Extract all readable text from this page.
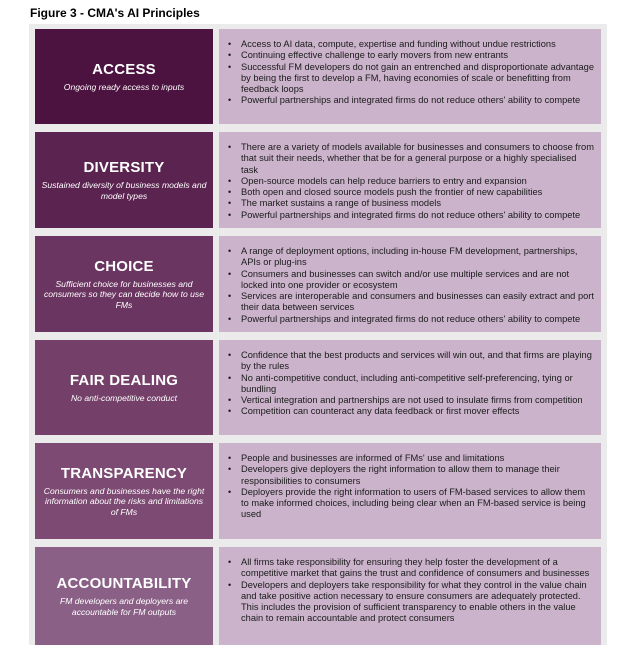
Figure 3 - CMA's AI Principles
ACCESS
Ongoing ready access to inputs
• Access to AI data, compute, expertise and funding without undue restrictions
• Continuing effective challenge to early movers from new entrants
• Successful FM developers do not gain an entrenched and disproportionate advantage by being the first to develop a FM, having economies of scale or benefitting from feedback loops
• Powerful partnerships and integrated firms do not reduce others' ability to compete
DIVERSITY
Sustained diversity of business models and model types
• There are a variety of models available for businesses and consumers to choose from that suit their needs, whether that be for a general purpose or a highly specialised task
• Open-source models can help reduce barriers to entry and expansion
• Both open and closed source models push the frontier of new capabilities
• The market sustains a range of business models
• Powerful partnerships and integrated firms do not reduce others' ability to compete
CHOICE
Sufficient choice for businesses and consumers so they can decide how to use FMs
• A range of deployment options, including in-house FM development, partnerships, APIs or plug-ins
• Consumers and businesses can switch and/or use multiple services and are not locked into one provider or ecosystem
• Services are interoperable and consumers and businesses can easily extract and port their data between services
• Powerful partnerships and integrated firms do not reduce others' ability to compete
FAIR DEALING
No anti-competitive conduct
• Confidence that the best products and services will win out, and that firms are playing by the rules
• No anti-competitive conduct, including anti-competitive self-preferencing, tying or bundling
• Vertical integration and partnerships are not used to insulate firms from competition
• Competition can counteract any data feedback or first mover effects
TRANSPARENCY
Consumers and businesses have the right information about the risks and limitations of FMs
• People and businesses are informed of FMs' use and limitations
• Developers give deployers the right information to allow them to manage their responsibilities to consumers
• Deployers provide the right information to users of FM-based services to allow them to make informed choices, including being clear when an FM-based service is being used
ACCOUNTABILITY
FM developers and deployers are accountable for FM outputs
• All firms take responsibility for ensuring they help foster the development of a competitive market that gains the trust and confidence of consumers and businesses
• Developers and deployers take responsibility for what they control in the value chain and take positive action necessary to ensure consumers are adequately protected. This includes the provision of sufficient transparency to enable others in the value chain to remain accountable and protect consumers
